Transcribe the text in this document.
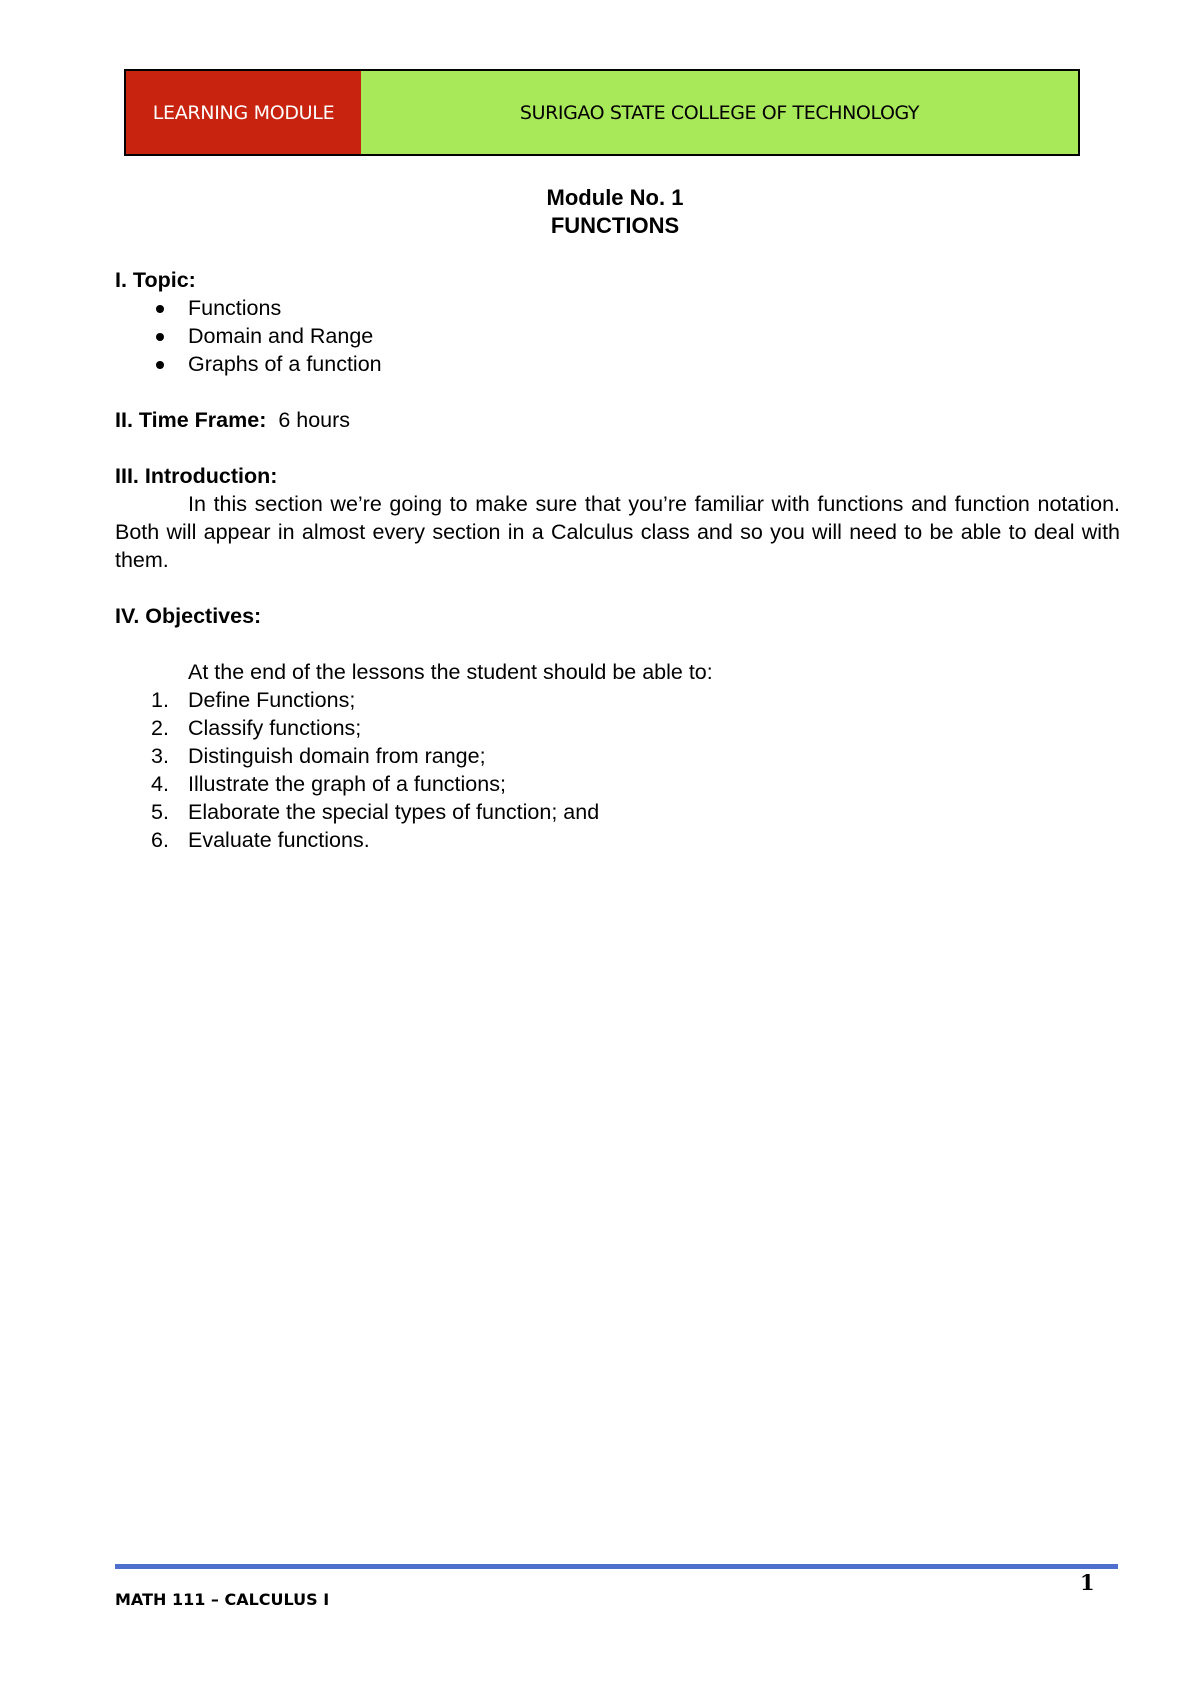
LEARNING MODULE	SURIGAO STATE COLLEGE OF TECHNOLOGY
Module No. 1
FUNCTIONS
I. Topic:
Functions
Domain and Range
Graphs of a function
II. Time Frame: 6 hours
III. Introduction:
In this section we’re going to make sure that you’re familiar with functions and function notation. Both will appear in almost every section in a Calculus class and so you will need to be able to deal with them.
IV. Objectives:
At the end of the lessons the student should be able to:
1. Define Functions;
2. Classify functions;
3. Distinguish domain from range;
4. Illustrate the graph of a functions;
5. Elaborate the special types of function; and
6. Evaluate functions.
MATH 111 – CALCULUS I
1
